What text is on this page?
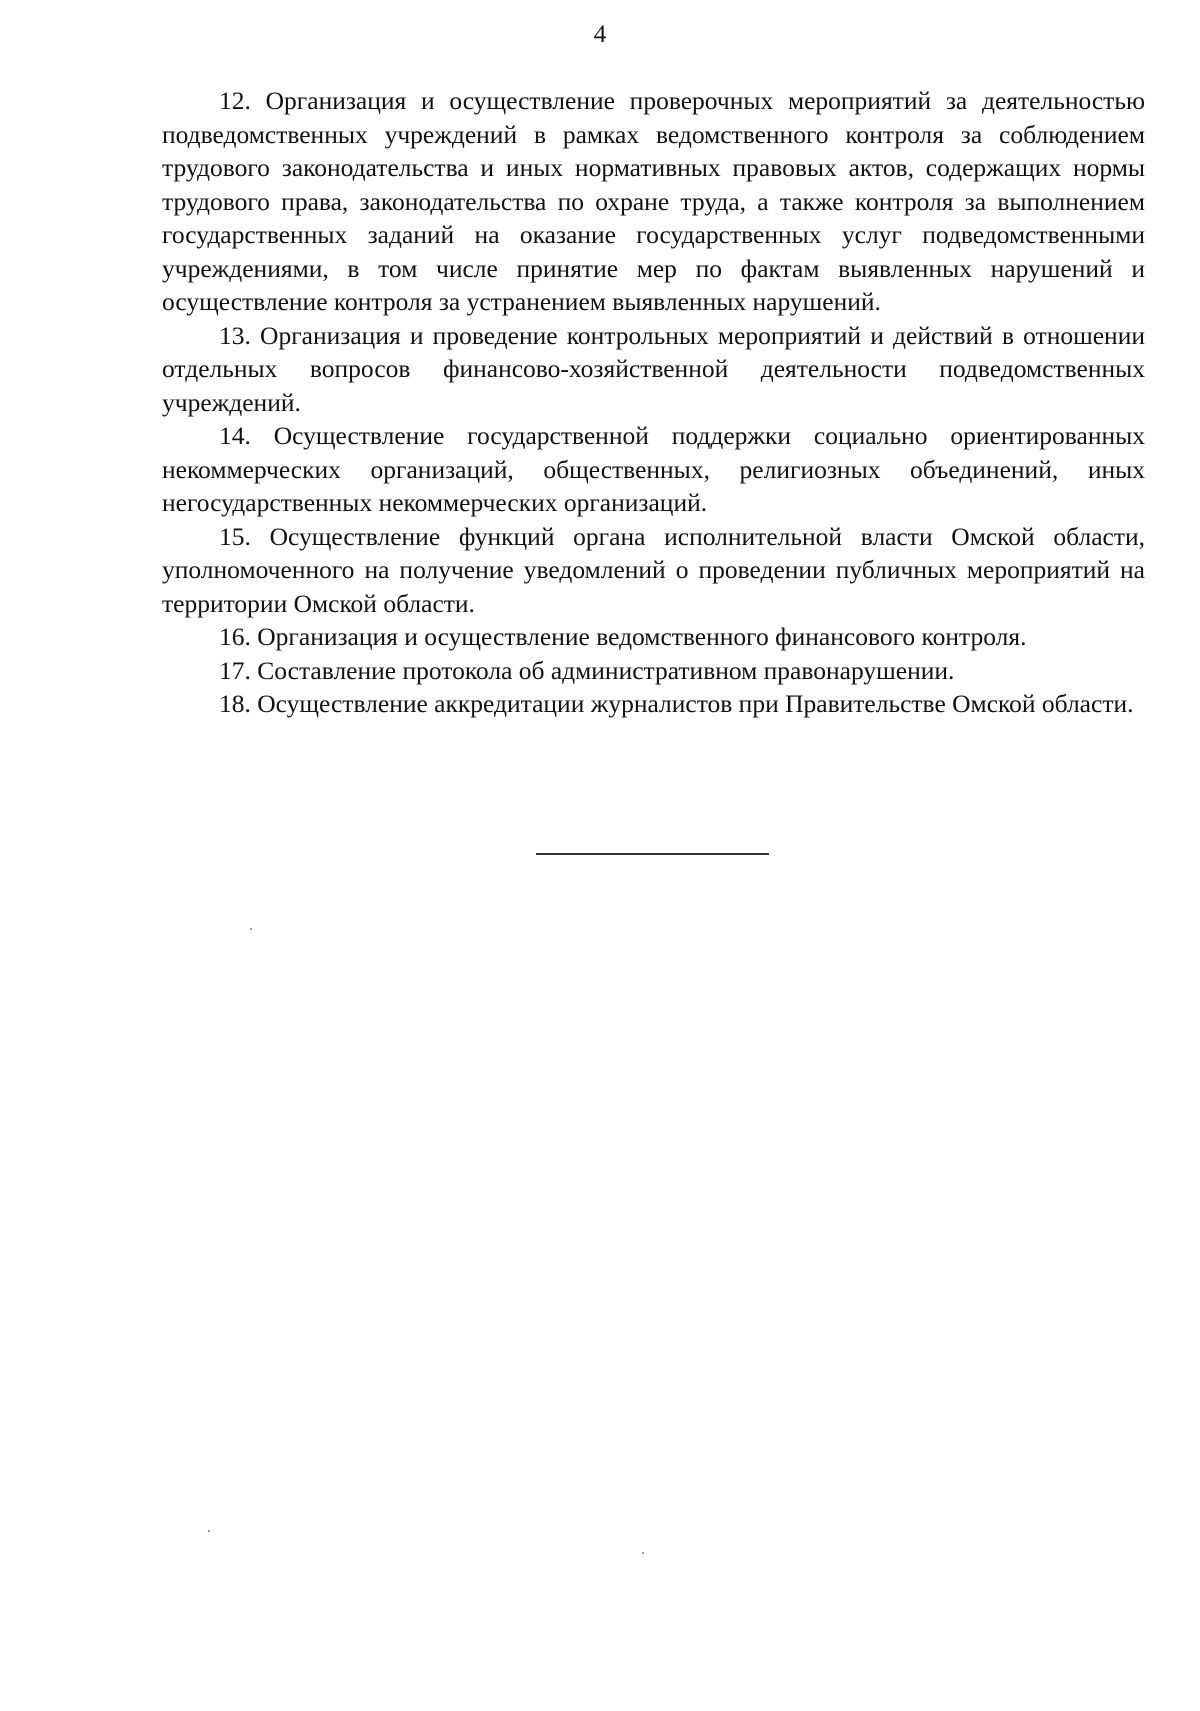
4

12. Организация и осуществление проверочных мероприятий за деятельностью подведомственных учреждений в рамках ведомственного контроля за соблюдением трудового законодательства и иных нормативных правовых актов, содержащих нормы трудового права, законодательства по охране труда, а также контроля за выполнением государственных заданий на оказание государственных услуг подведомственными учреждениями, в том числе принятие мер по фактам выявленных нарушений и осуществление контроля за устранением выявленных нарушений.

13. Организация и проведение контрольных мероприятий и действий в отношении отдельных вопросов финансово-хозяйственной деятельности подведомственных учреждений.

14. Осуществление государственной поддержки социально ориентированных некоммерческих организаций, общественных, религиозных объединений, иных негосударственных некоммерческих организаций.

15. Осуществление функций органа исполнительной власти Омской области, уполномоченного на получение уведомлений о проведении публичных мероприятий на территории Омской области.

16. Организация и осуществление ведомственного финансового контроля.

17. Составление протокола об административном правонарушении.

18. Осуществление аккредитации журналистов при Правительстве Омской области.
